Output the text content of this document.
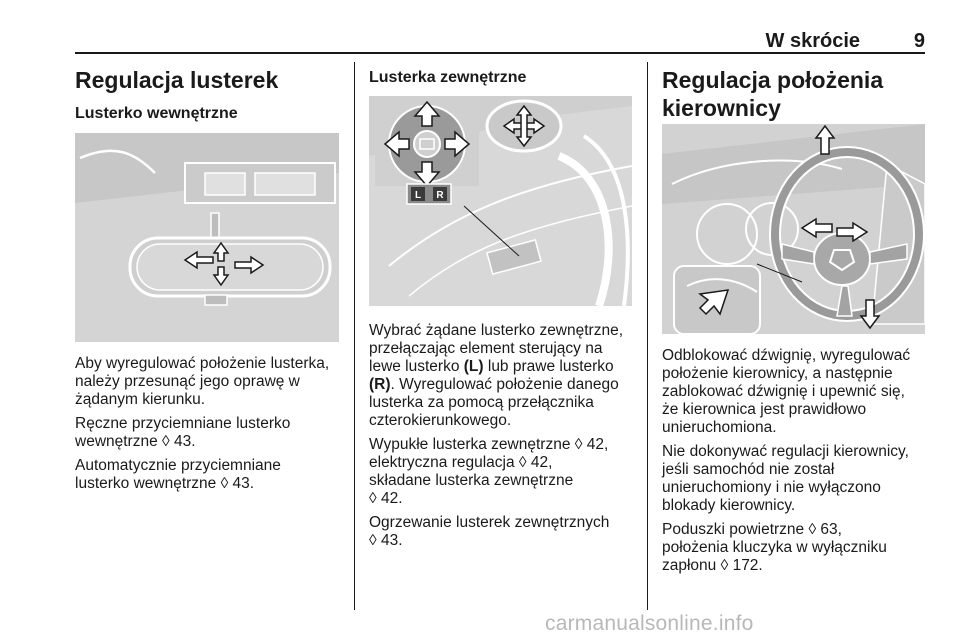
W skrócie	9
Regulacja lusterek
Lusterko wewnętrzne

Aby wyregulować położenie lusterka,
należy przesunąć jego oprawę w
żądanym kierunku.

Ręczne przyciemniane lusterko
wewnętrzne ◊ 43.

Automatycznie przyciemniane
lusterko wewnętrzne ◊ 43.

Lusterka zewnętrzne
L R

Wybrać żądane lusterko zewnętrzne,
przełączając element sterujący na
lewe lusterko (L) lub prawe lusterko
(R). Wyregulować położenie danego
lusterka za pomocą przełącznika
czterokierunkowego.

Wypukłe lusterka zewnętrzne ◊ 42,
elektryczna regulacja ◊ 42,
składane lusterka zewnętrzne
◊ 42.

Ogrzewanie lusterek zewnętrznych
◊ 43.

Regulacja położenia
kierownicy

Odblokować dźwignię, wyregulować
położenie kierownicy, a następnie
zablokować dźwignię i upewnić się,
że kierownica jest prawidłowo
unieruchomiona.

Nie dokonywać regulacji kierownicy,
jeśli samochód nie został
unieruchomiony i nie wyłączono
blokady kierownicy.

Poduszki powietrzne ◊ 63,
położenia kluczyka w wyłączniku
zapłonu ◊ 172.

carmanualsonline.info
